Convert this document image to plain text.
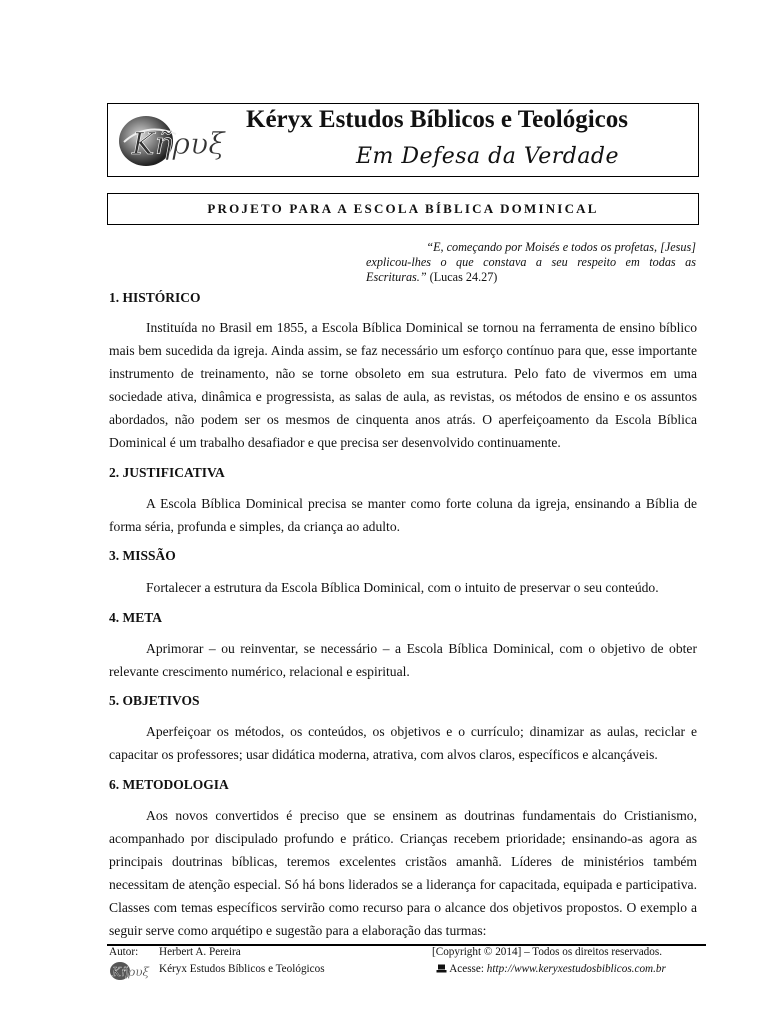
Κῆρυξ
Kéryx Estudos Bíblicos e Teológicos
Em Defesa da Verdade
PROJETO PARA A ESCOLA BÍBLICA DOMINICAL
“E, começando por Moisés e todos os profetas, [Jesus]
explicou-lhes o que constava a seu respeito em todas as Escrituras.” (Lucas 24.27)
1. HISTÓRICO

Instituída no Brasil em 1855, a Escola Bíblica Dominical se tornou na ferramenta de ensino bíblico mais bem sucedida da igreja. Ainda assim, se faz necessário um esforço contínuo para que, esse importante instrumento de treinamento, não se torne obsoleto em sua estrutura. Pelo fato de vivermos em uma sociedade ativa, dinâmica e progressista, as salas de aula, as revistas, os métodos de ensino e os assuntos abordados, não podem ser os mesmos de cinquenta anos atrás. O aperfeiçoamento da Escola Bíblica Dominical é um trabalho desafiador e que precisa ser desenvolvido continuamente.

2. JUSTIFICATIVA

A Escola Bíblica Dominical precisa se manter como forte coluna da igreja, ensinando a Bíblia de forma séria, profunda e simples, da criança ao adulto.

3. MISSÃO

Fortalecer a estrutura da Escola Bíblica Dominical, com o intuito de preservar o seu conteúdo.

4. META

Aprimorar – ou reinventar, se necessário – a Escola Bíblica Dominical, com o objetivo de obter relevante crescimento numérico, relacional e espiritual.

5. OBJETIVOS

Aperfeiçoar os métodos, os conteúdos, os objetivos e o currículo; dinamizar as aulas, reciclar e capacitar os professores; usar didática moderna, atrativa, com alvos claros, específicos e alcançáveis.

6. METODOLOGIA

Aos novos convertidos é preciso que se ensinem as doutrinas fundamentais do Cristianismo, acompanhado por discipulado profundo e prático. Crianças recebem prioridade; ensinando-as agora as principais doutrinas bíblicas, teremos excelentes cristãos amanhã. Líderes de ministérios também necessitam de atenção especial. Só há bons liderados se a liderança for capacitada, equipada e participativa. Classes com temas específicos servirão como recurso para o alcance dos objetivos propostos. O exemplo a seguir serve como arquétipo e sugestão para a elaboração das turmas:

Autor: Herbert A. Pereira
Κῆρυξ Kéryx Estudos Bíblicos e Teológicos
[Copyright © 2014] – Todos os direitos reservados.
Acesse: http://www.keryxestudosbiblicos.com.br
